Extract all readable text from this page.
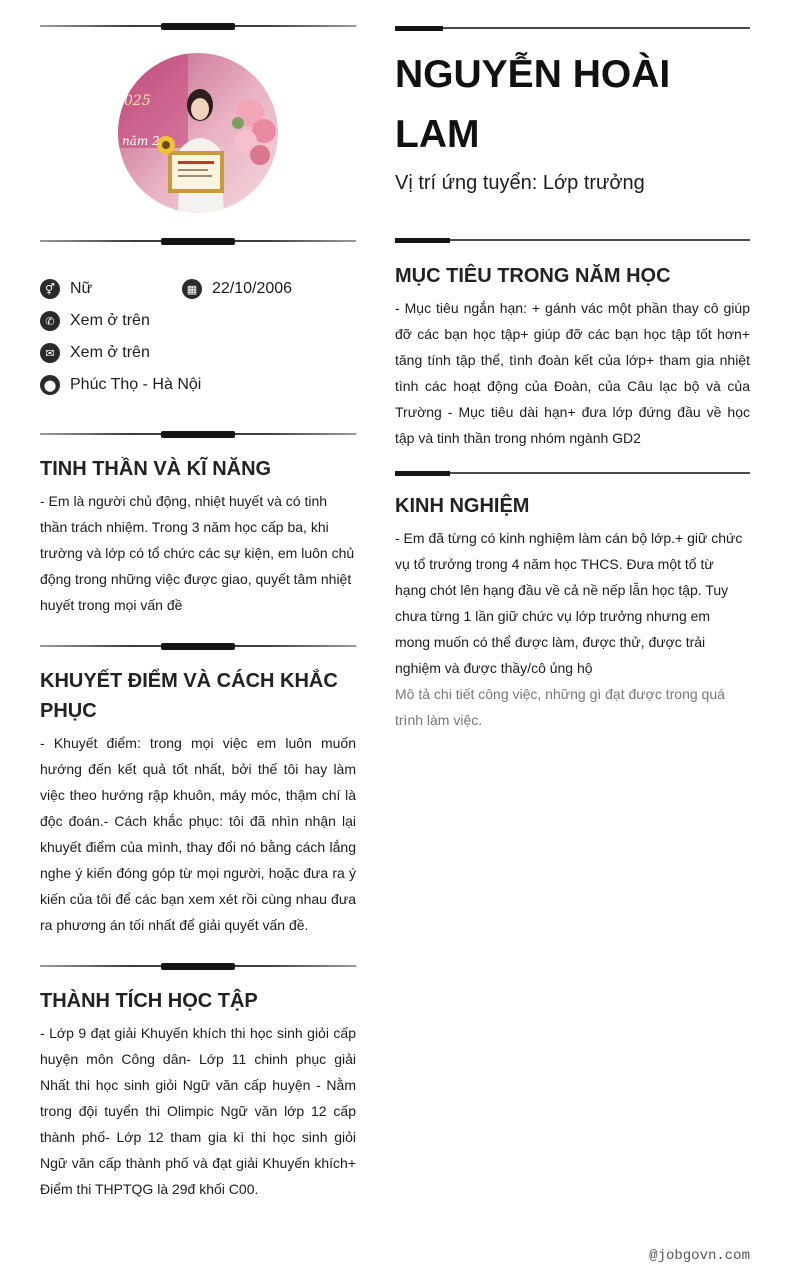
025
năm 2
⚥ Nữ	▦ 22/10/2006
✆ Xem ở trên
✉ Xem ở trên
⬤ Phúc Thọ - Hà Nội
TINH THẦN VÀ KĨ NĂNG

- Em là người chủ động, nhiệt huyết và có tinh thần trách nhiệm. Trong 3 năm học cấp ba, khi trường và lớp có tổ chức các sự kiện, em luôn chủ động trong những việc được giao, quyết tâm nhiệt huyết trong mọi vấn đề

KHUYẾT ĐIỂM VÀ CÁCH KHẮC PHỤC

- Khuyết điểm: trong mọi việc em luôn muốn hướng đến kết quả tốt nhất, bởi thế tôi hay làm việc theo hướng rập khuôn, máy móc, thậm chí là độc đoán.- Cách khắc phục: tôi đã nhìn nhận lại khuyết điểm của mình, thay đổi nó bằng cách lắng nghe ý kiến đóng góp từ mọi người, hoặc đưa ra ý kiến của tôi để các bạn xem xét rồi cùng nhau đưa ra phương án tối nhất để giải quyết vấn đề.

THÀNH TÍCH HỌC TẬP

- Lớp 9 đạt giải Khuyến khích thi học sinh giỏi cấp huyện môn Công dân- Lớp 11 chinh phục giải Nhất thi học sinh giỏi Ngữ văn cấp huyện - Nằm trong đội tuyển thi Olimpic Ngữ văn lớp 12 cấp thành phố- Lớp 12 tham gia kì thi học sinh giỏi Ngữ văn cấp thành phố và đạt giải Khuyến khích+ Điểm thi THPTQG là 29đ khối C00.

NGUYỄN HOÀI LAM

Vị trí ứng tuyển: Lớp trưởng

MỤC TIÊU TRONG NĂM HỌC

- Mục tiêu ngắn hạn: + gánh vác một phần thay cô giúp đỡ các bạn học tập+ giúp đỡ các bạn học tập tốt hơn+ tăng tính tập thể, tình đoàn kết của lớp+ tham gia nhiệt tình các hoạt động của Đoàn, của Câu lạc bộ và của Trường - Mục tiêu dài hạn+ đưa lớp đứng đầu về học tập và tinh thần trong nhóm ngành GD2

KINH NGHIỆM

- Em đã từng có kinh nghiệm làm cán bộ lớp.+ giữ chức vụ tổ trưởng trong 4 năm học THCS. Đưa một tổ từ hạng chót lên hạng đầu về cả nề nếp lẫn học tập. Tuy chưa từng 1 lần giữ chức vụ lớp trưởng nhưng em mong muốn có thể được làm, được thử, được trải nghiệm và được thầy/cô ủng hộ

Mô tả chi tiết công việc, những gì đạt được trong quá trình làm việc.

@jobgovn.com
